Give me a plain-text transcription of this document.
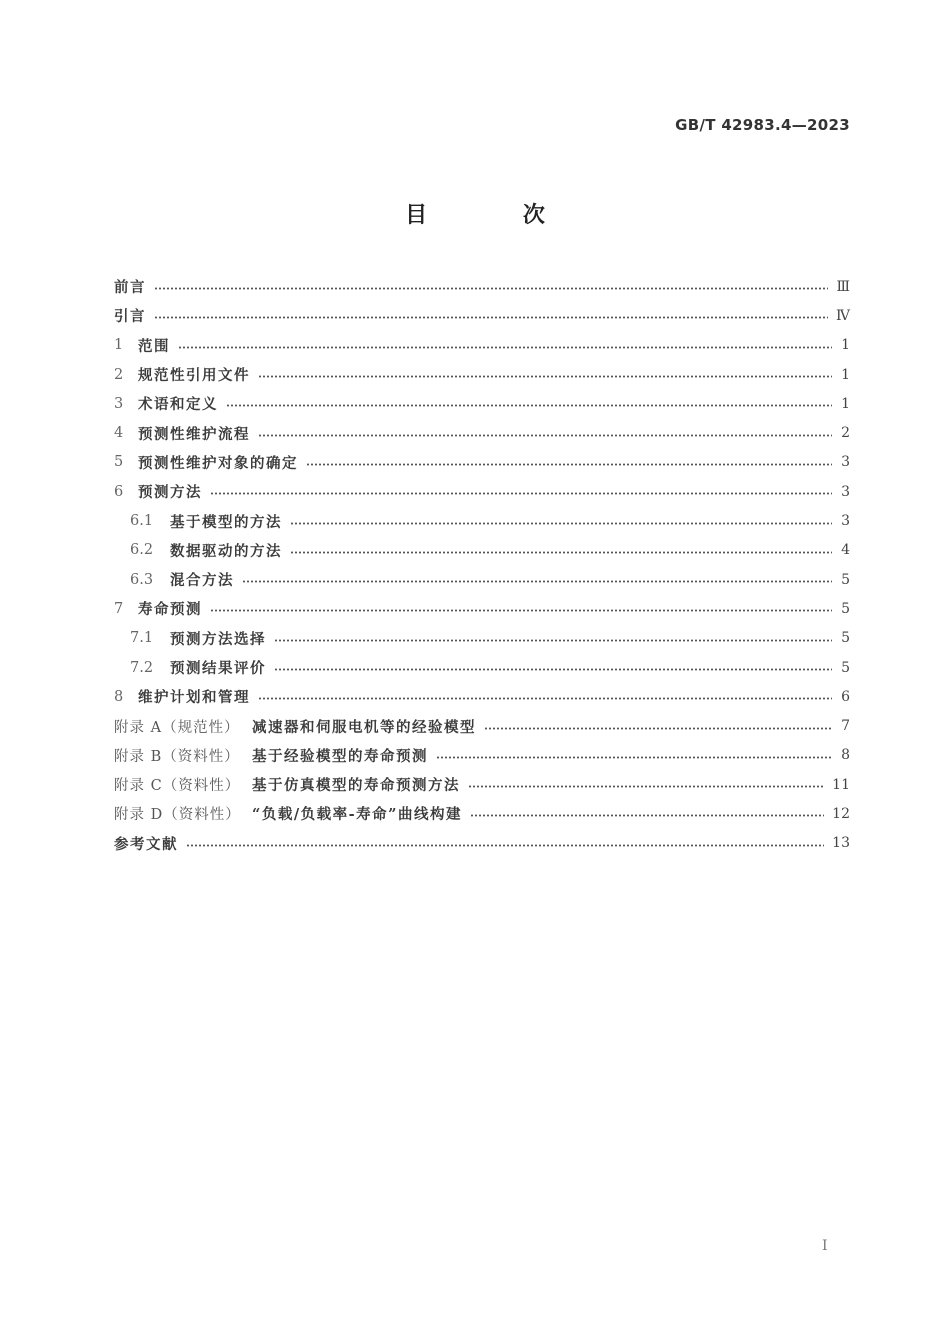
GB/T 42983.4—2023
目 次
前言	Ⅲ
引言	Ⅳ
1	范围	1
2	规范性引用文件	1
3	术语和定义	1
4	预测性维护流程	2
5	预测性维护对象的确定	3
6	预测方法	3
6.1	基于模型的方法	3
6.2	数据驱动的方法	4
6.3	混合方法	5
7	寿命预测	5
7.1	预测方法选择	5
7.2	预测结果评价	5
8	维护计划和管理	6
附录 A（规范性） 减速器和伺服电机等的经验模型	7
附录 B（资料性） 基于经验模型的寿命预测	8
附录 C（资料性） 基于仿真模型的寿命预测方法	11
附录 D（资料性） “负载/负载率-寿命”曲线构建	12
参考文献	13
I
